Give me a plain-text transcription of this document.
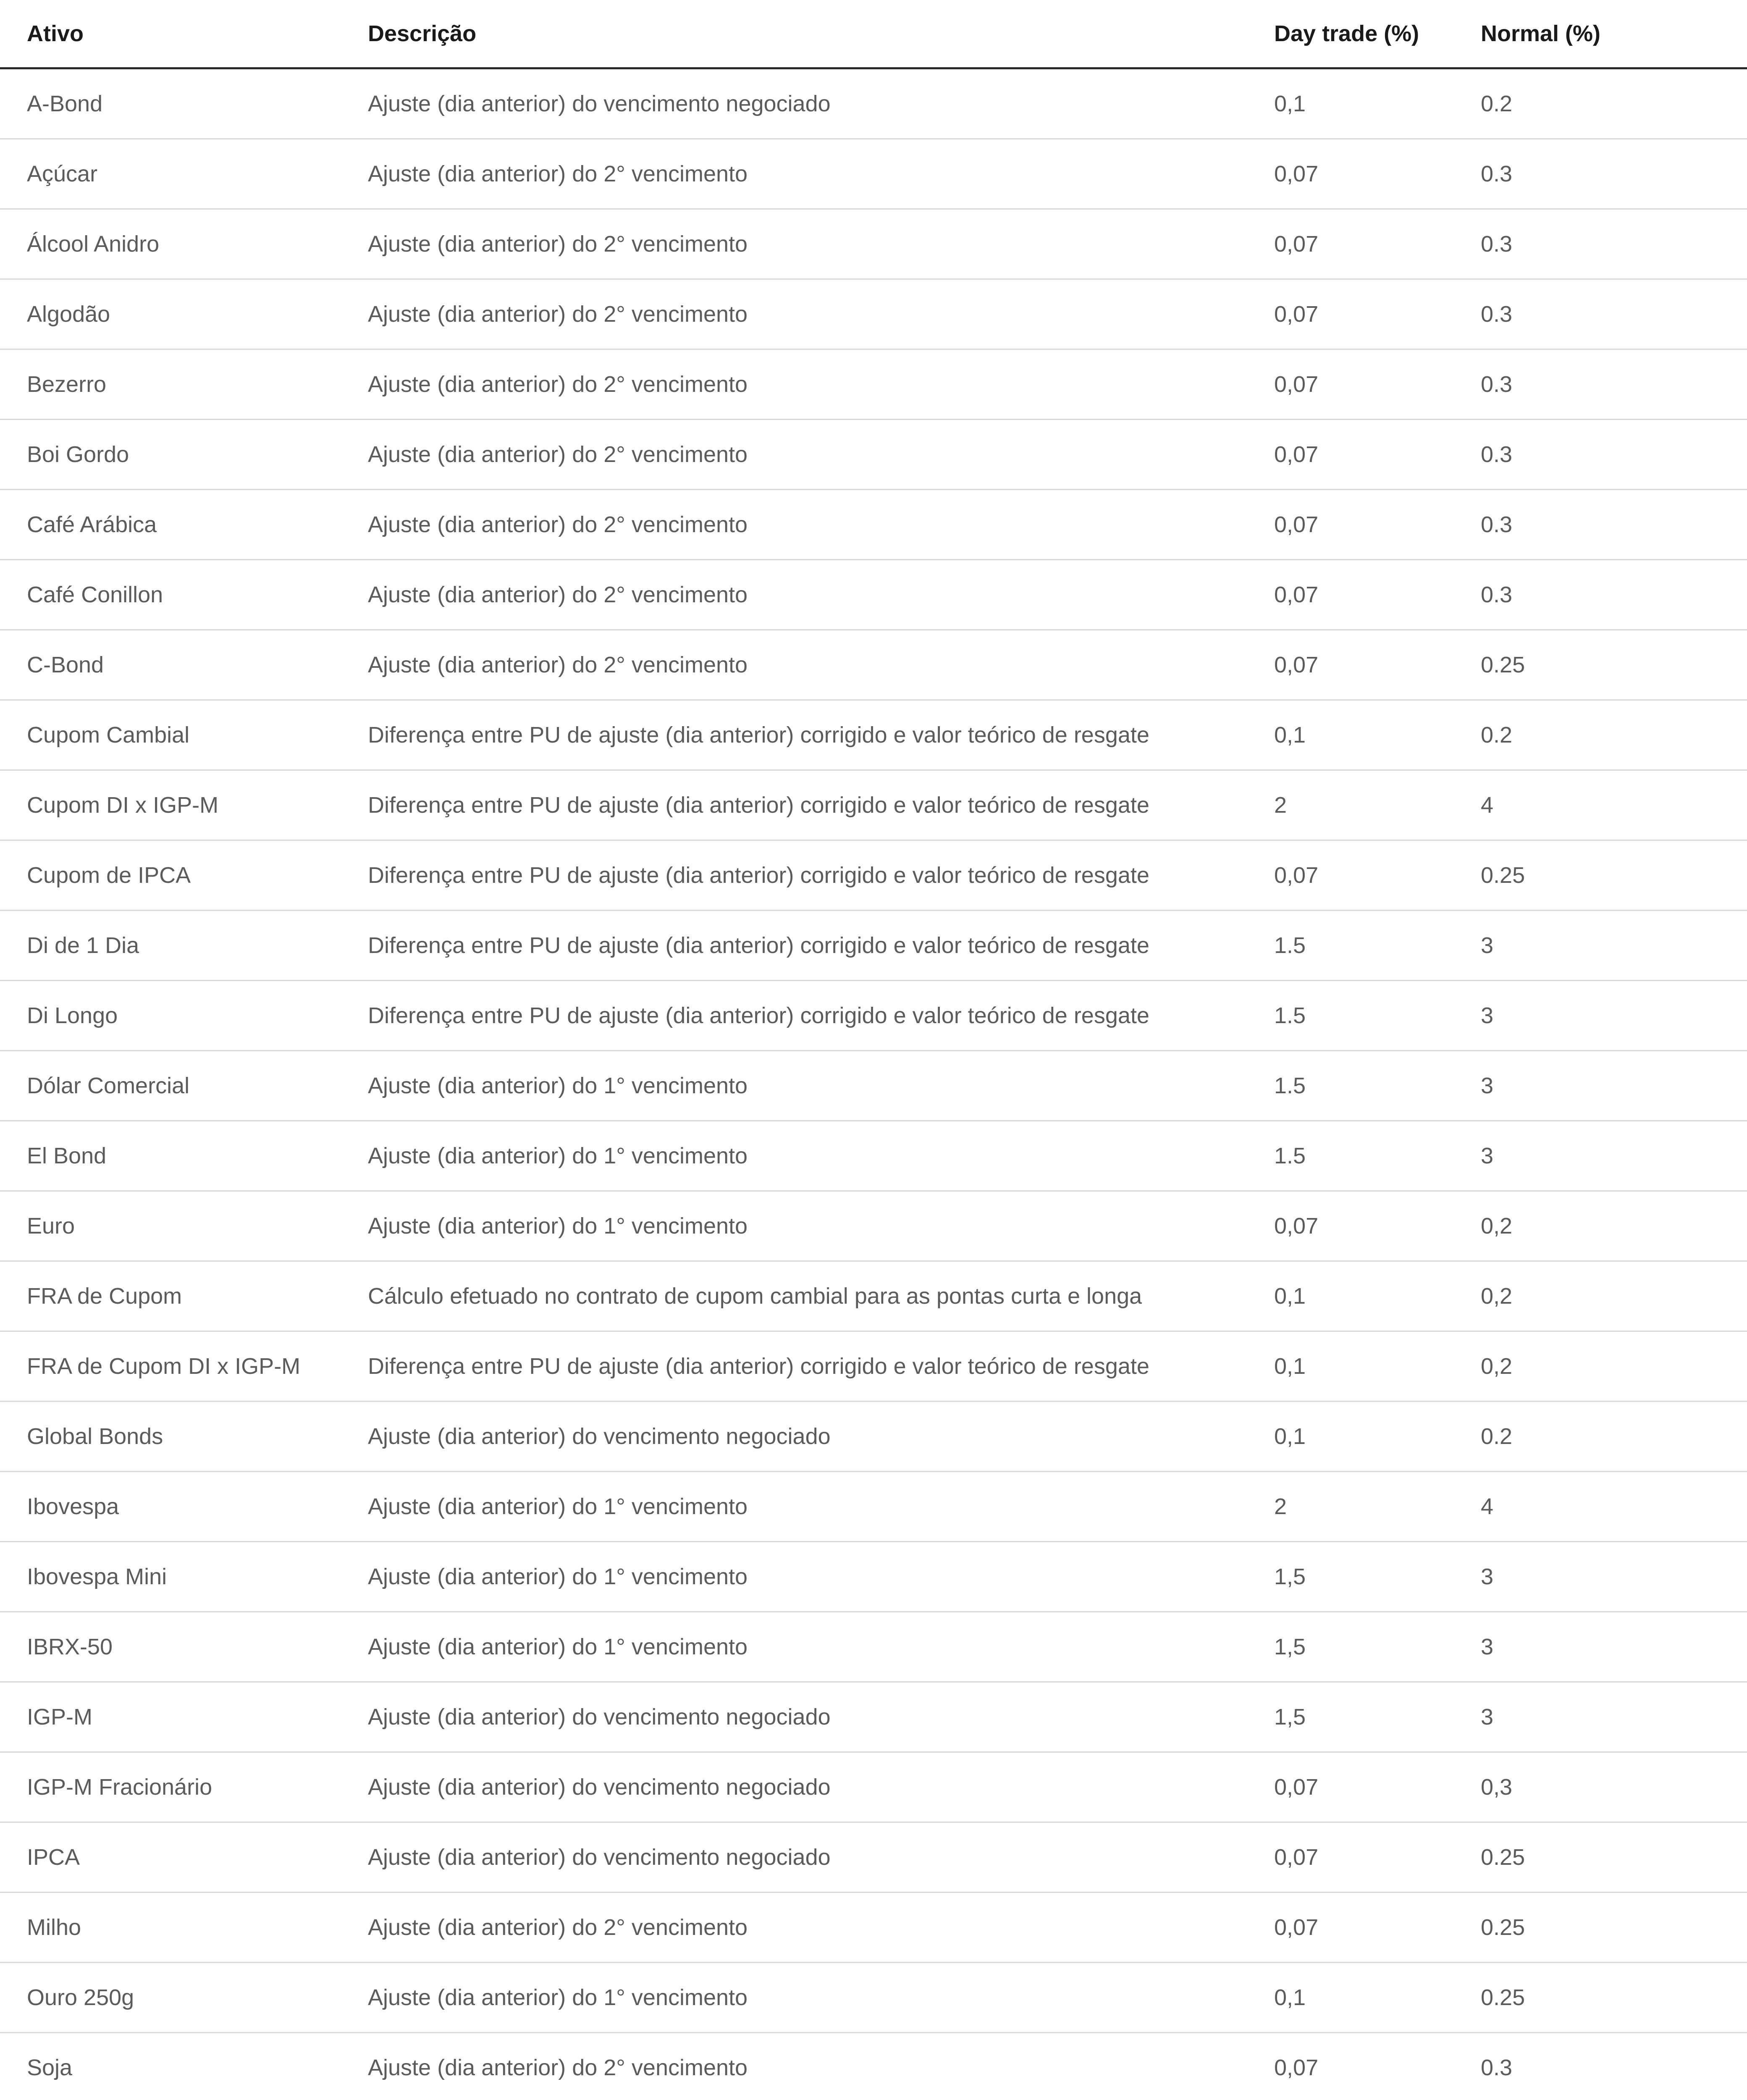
Ativo	Descrição	Day trade (%)	Normal (%)
A-Bond	Ajuste (dia anterior) do vencimento negociado	0,1	0.2
Açúcar	Ajuste (dia anterior) do 2° vencimento	0,07	0.3
Álcool Anidro	Ajuste (dia anterior) do 2° vencimento	0,07	0.3
Algodão	Ajuste (dia anterior) do 2° vencimento	0,07	0.3
Bezerro	Ajuste (dia anterior) do 2° vencimento	0,07	0.3
Boi Gordo	Ajuste (dia anterior) do 2° vencimento	0,07	0.3
Café Arábica	Ajuste (dia anterior) do 2° vencimento	0,07	0.3
Café Conillon	Ajuste (dia anterior) do 2° vencimento	0,07	0.3
C-Bond	Ajuste (dia anterior) do 2° vencimento	0,07	0.25
Cupom Cambial	Diferença entre PU de ajuste (dia anterior) corrigido e valor teórico de resgate	0,1	0.2
Cupom DI x IGP-M	Diferença entre PU de ajuste (dia anterior) corrigido e valor teórico de resgate	2	4
Cupom de IPCA	Diferença entre PU de ajuste (dia anterior) corrigido e valor teórico de resgate	0,07	0.25
Di de 1 Dia	Diferença entre PU de ajuste (dia anterior) corrigido e valor teórico de resgate	1.5	3
Di Longo	Diferença entre PU de ajuste (dia anterior) corrigido e valor teórico de resgate	1.5	3
Dólar Comercial	Ajuste (dia anterior) do 1° vencimento	1.5	3
El Bond	Ajuste (dia anterior) do 1° vencimento	1.5	3
Euro	Ajuste (dia anterior) do 1° vencimento	0,07	0,2
FRA de Cupom	Cálculo efetuado no contrato de cupom cambial para as pontas curta e longa	0,1	0,2
FRA de Cupom DI x IGP-M	Diferença entre PU de ajuste (dia anterior) corrigido e valor teórico de resgate	0,1	0,2
Global Bonds	Ajuste (dia anterior) do vencimento negociado	0,1	0.2
Ibovespa	Ajuste (dia anterior) do 1° vencimento	2	4
Ibovespa Mini	Ajuste (dia anterior) do 1° vencimento	1,5	3
IBRX-50	Ajuste (dia anterior) do 1° vencimento	1,5	3
IGP-M	Ajuste (dia anterior) do vencimento negociado	1,5	3
IGP-M Fracionário	Ajuste (dia anterior) do vencimento negociado	0,07	0,3
IPCA	Ajuste (dia anterior) do vencimento negociado	0,07	0.25
Milho	Ajuste (dia anterior) do 2° vencimento	0,07	0.25
Ouro 250g	Ajuste (dia anterior) do 1° vencimento	0,1	0.25
Soja	Ajuste (dia anterior) do 2° vencimento	0,07	0.3
